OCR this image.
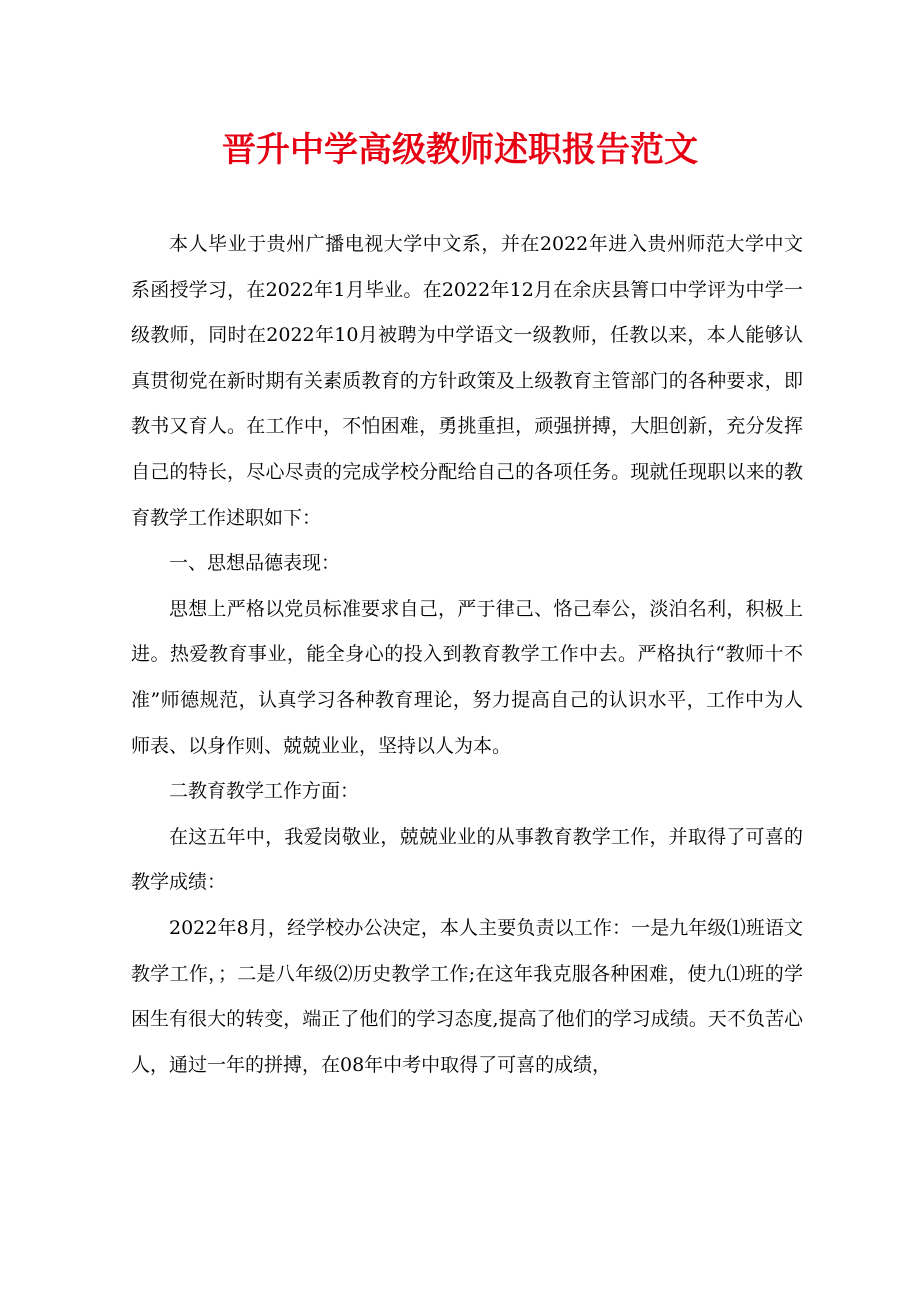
晋升中学高级教师述职报告范文

本人毕业于贵州广播电视大学中文系，并在2022年进入贵州师范大学中文系函授学习，在2022年1月毕业。在2022年12月在余庆县箐口中学评为中学一级教师，同时在2022年10月被聘为中学语文一级教师，任教以来，本人能够认真贯彻党在新时期有关素质教育的方针政策及上级教育主管部门的各种要求，即教书又育人。在工作中，不怕困难，勇挑重担，顽强拼搏，大胆创新，充分发挥自己的特长，尽心尽责的完成学校分配给自己的各项任务。现就任现职以来的教育教学工作述职如下：

一、思想品德表现：

思想上严格以党员标准要求自己，严于律己、恪己奉公，淡泊名利，积极上进。热爱教育事业，能全身心的投入到教育教学工作中去。严格执行“教师十不准”师德规范，认真学习各种教育理论，努力提高自己的认识水平，工作中为人师表、以身作则、兢兢业业，坚持以人为本。

二教育教学工作方面：

在这五年中，我爱岗敬业，兢兢业业的从事教育教学工作，并取得了可喜的教学成绩：

2022年8月，经学校办公决定，本人主要负责以工作：一是九年级⑴班语文教学工作，；二是八年级⑵历史教学工作;在这年我克服各种困难，使九⑴班的学困生有很大的转变，端正了他们的学习态度,提高了他们的学习成绩。天不负苦心人，通过一年的拼搏，在08年中考中取得了可喜的成绩，
